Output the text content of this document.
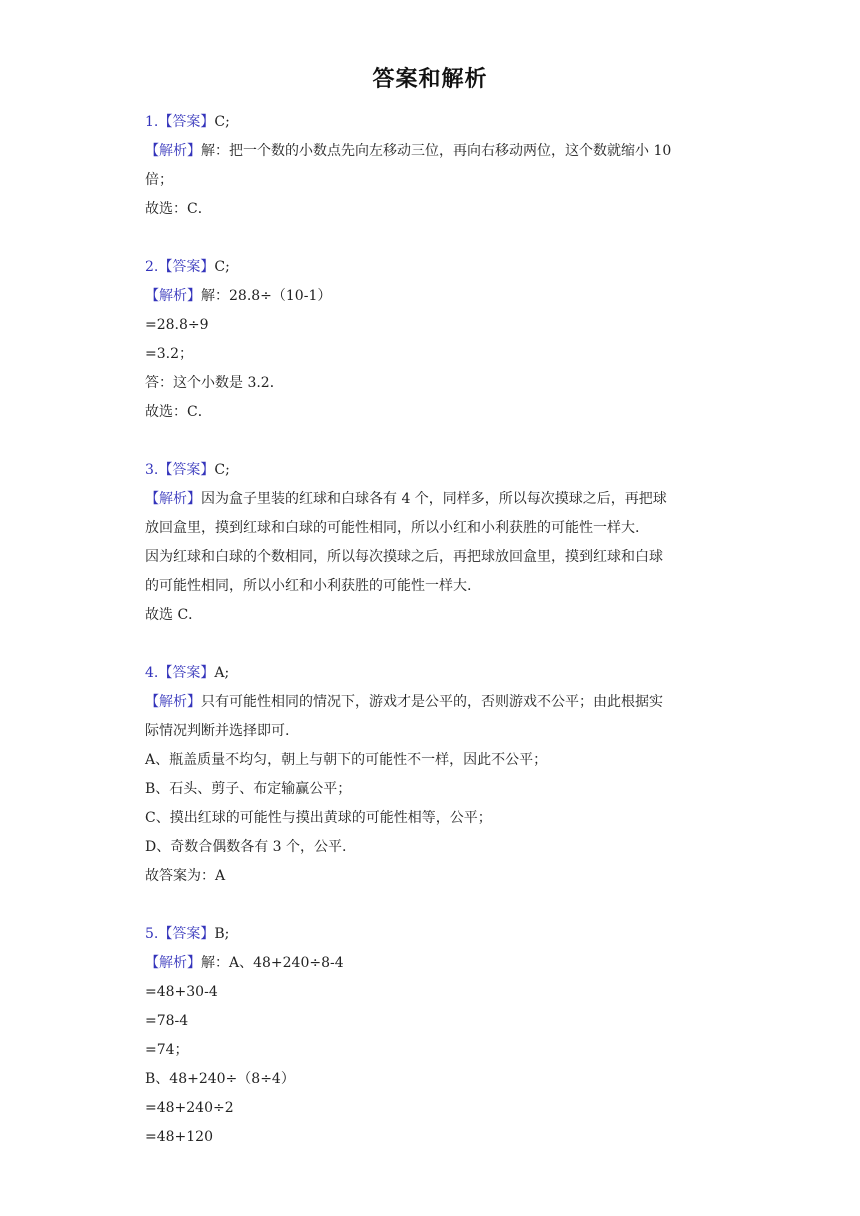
答案和解析
1.【答案】C;
【解析】解：把一个数的小数点先向左移动三位，再向右移动两位，这个数就缩小 10
倍；
故选：C．
2.【答案】C;
【解析】解：28.8÷（10-1）
=28.8÷9
=3.2；
答：这个小数是 3.2．
故选：C．
3.【答案】C;
【解析】因为盒子里装的红球和白球各有 4 个，同样多，所以每次摸球之后，再把球
放回盒里，摸到红球和白球的可能性相同，所以小红和小利获胜的可能性一样大.
因为红球和白球的个数相同，所以每次摸球之后，再把球放回盒里，摸到红球和白球
的可能性相同，所以小红和小利获胜的可能性一样大.
故选 C．
4.【答案】A;
【解析】只有可能性相同的情况下，游戏才是公平的，否则游戏不公平；由此根据实
际情况判断并选择即可.
A、瓶盖质量不均匀，朝上与朝下的可能性不一样，因此不公平；
B、石头、剪子、布定输赢公平；
C、摸出红球的可能性与摸出黄球的可能性相等，公平；
D、奇数合偶数各有 3 个，公平.
故答案为：A
5.【答案】B;
【解析】解：A、48+240÷8-4
=48+30-4
=78-4
=74；
B、48+240÷（8÷4）
=48+240÷2
=48+120
